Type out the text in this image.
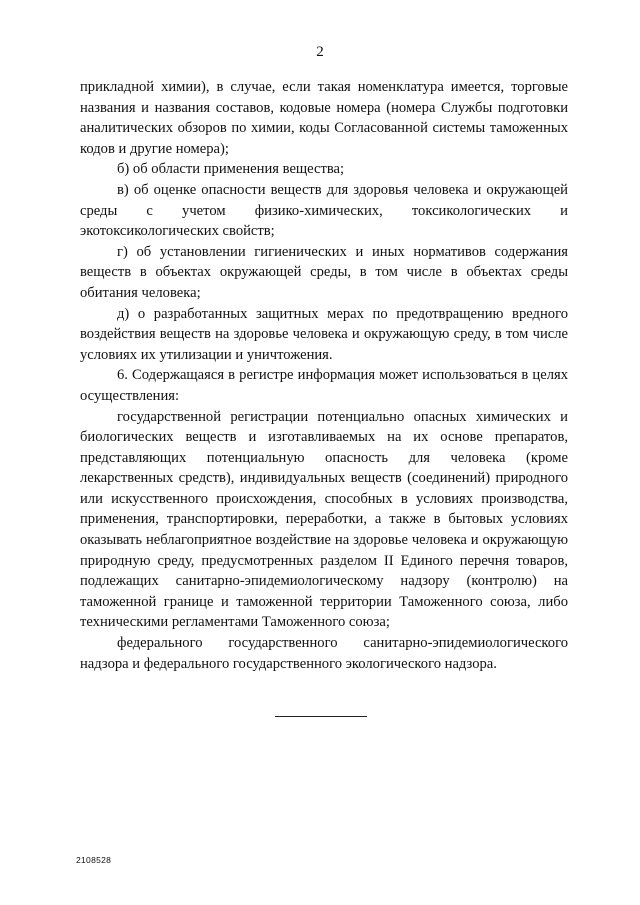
2

прикладной химии), в случае, если такая номенклатура имеется, торговые названия и названия составов, кодовые номера (номера Службы подготовки аналитических обзоров по химии, коды Согласованной системы таможенных кодов и другие номера);

б) об области применения вещества;

в) об оценке опасности веществ для здоровья человека и окружающей среды с учетом физико-химических, токсикологических и экотоксикологических свойств;

г) об установлении гигиенических и иных нормативов содержания веществ в объектах окружающей среды, в том числе в объектах среды обитания человека;

д) о разработанных защитных мерах по предотвращению вредного воздействия веществ на здоровье человека и окружающую среду, в том числе условиях их утилизации и уничтожения.

6. Содержащаяся в регистре информация может использоваться в целях осуществления:

государственной регистрации потенциально опасных химических и биологических веществ и изготавливаемых на их основе препаратов, представляющих потенциальную опасность для человека (кроме лекарственных средств), индивидуальных веществ (соединений) природного или искусственного происхождения, способных в условиях производства, применения, транспортировки, переработки, а также в бытовых условиях оказывать неблагоприятное воздействие на здоровье человека и окружающую природную среду, предусмотренных разделом II Единого перечня товаров, подлежащих санитарно-эпидемиологическому надзору (контролю) на таможенной границе и таможенной территории Таможенного союза, либо техническими регламентами Таможенного союза;

федерального государственного санитарно-эпидемиологического надзора и федерального государственного экологического надзора.

2108528
